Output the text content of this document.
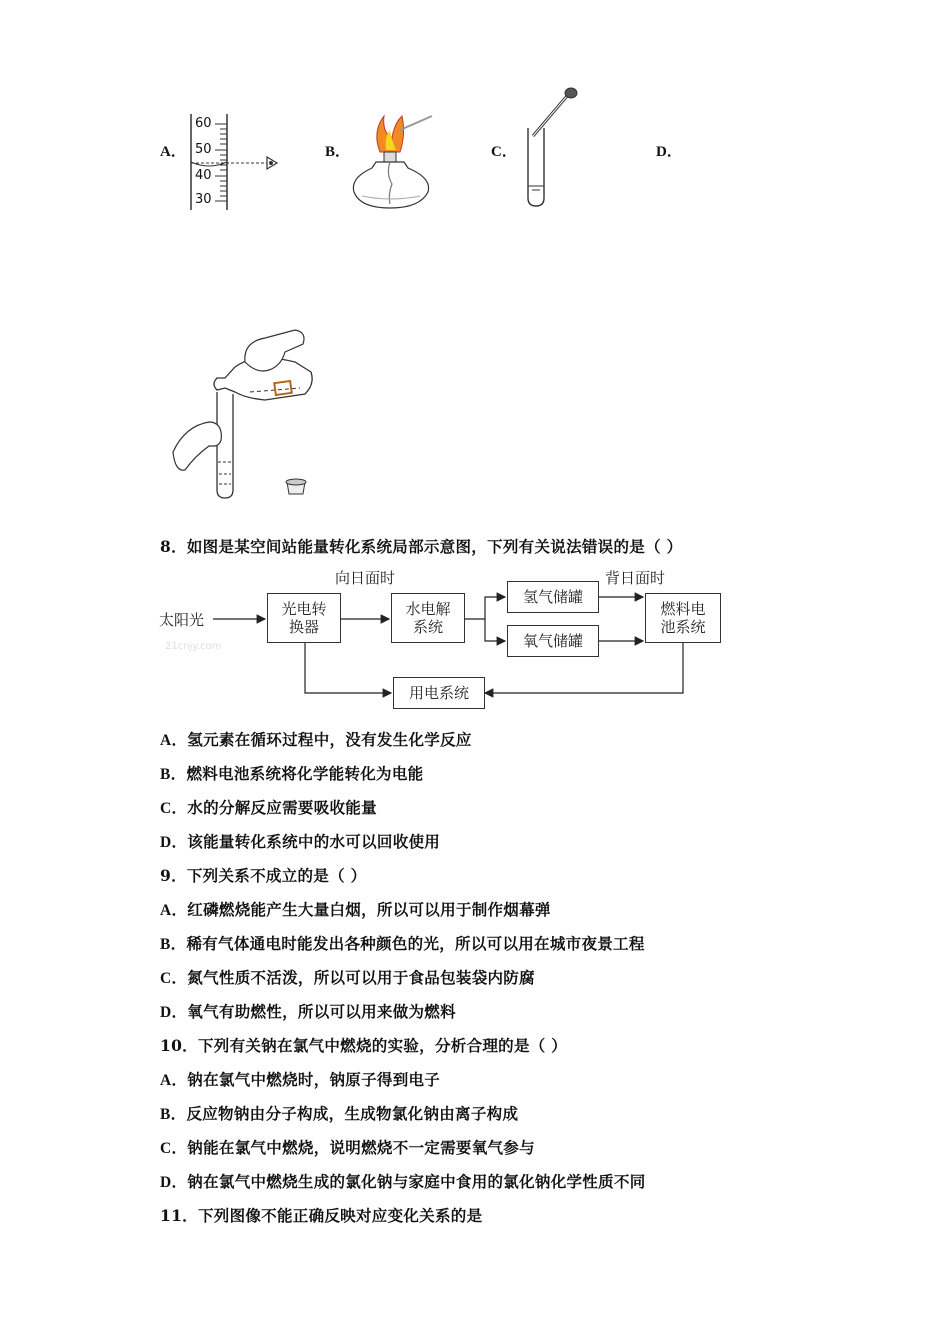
A．	B．	C．	D．
60
50
40
30
8．如图是某空间站能量转化系统局部示意图，下列有关说法错误的是（ ）
向日面时	背日面时
太阳光
21cnjy.com
光电转换器
水电解系统
氢气储罐
氧气储罐
燃料电池系统
用电系统
A．氢元素在循环过程中，没有发生化学反应
B．燃料电池系统将化学能转化为电能
C．水的分解反应需要吸收能量
D．该能量转化系统中的水可以回收使用
9．下列关系不成立的是（ ）
A．红磷燃烧能产生大量白烟，所以可以用于制作烟幕弹
B．稀有气体通电时能发出各种颜色的光，所以可以用在城市夜景工程
C．氮气性质不活泼，所以可以用于食品包装袋内防腐
D．氧气有助燃性，所以可以用来做为燃料
10．下列有关钠在氯气中燃烧的实验，分析合理的是（ ）
A．钠在氯气中燃烧时，钠原子得到电子
B．反应物钠由分子构成，生成物氯化钠由离子构成
C．钠能在氯气中燃烧，说明燃烧不一定需要氧气参与
D．钠在氯气中燃烧生成的氯化钠与家庭中食用的氯化钠化学性质不同
11．下列图像不能正确反映对应变化关系的是
